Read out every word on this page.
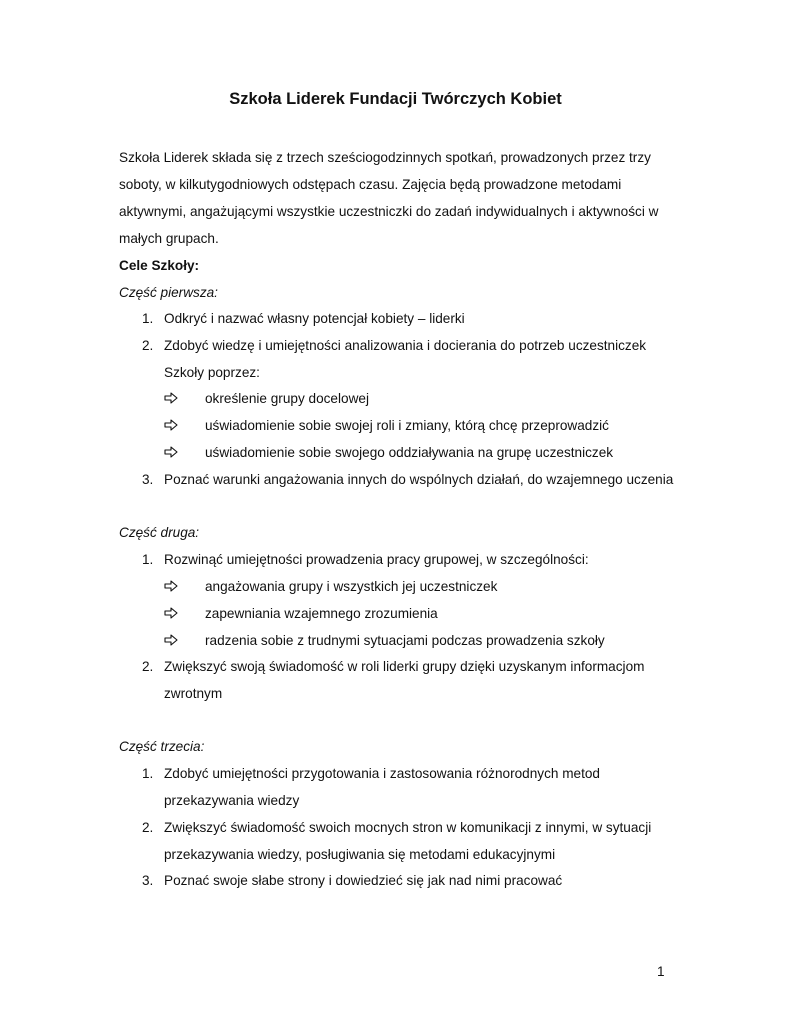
Szkoła Liderek Fundacji Twórczych Kobiet
Szkoła Liderek składa się z trzech sześciogodzinnych spotkań, prowadzonych przez trzy
soboty, w kilkutygodniowych odstępach czasu. Zajęcia będą prowadzone metodami
aktywnymi, angażującymi wszystkie uczestniczki do zadań indywidualnych i aktywności w
małych grupach.
Cele Szkoły:
Część pierwsza:
1. Odkryć i nazwać własny potencjał kobiety – liderki
2. Zdobyć wiedzę i umiejętności analizowania i docierania do potrzeb uczestniczek
Szkoły poprzez:
określenie grupy docelowej
uświadomienie sobie swojej roli i zmiany, którą chcę przeprowadzić
uświadomienie sobie swojego oddziaływania na grupę uczestniczek
3. Poznać warunki angażowania innych do wspólnych działań, do wzajemnego uczenia
Część druga:
1. Rozwinąć umiejętności prowadzenia pracy grupowej, w szczególności:
angażowania grupy i wszystkich jej uczestniczek
zapewniania wzajemnego zrozumienia
radzenia sobie z trudnymi sytuacjami podczas prowadzenia szkoły
2. Zwiększyć swoją świadomość w roli liderki grupy dzięki uzyskanym informacjom
zwrotnym
Część trzecia:
1. Zdobyć umiejętności przygotowania i zastosowania różnorodnych metod
przekazywania wiedzy
2. Zwiększyć świadomość swoich mocnych stron w komunikacji z innymi, w sytuacji
przekazywania wiedzy, posługiwania się metodami edukacyjnymi
3. Poznać swoje słabe strony i dowiedzieć się jak nad nimi pracować
1
